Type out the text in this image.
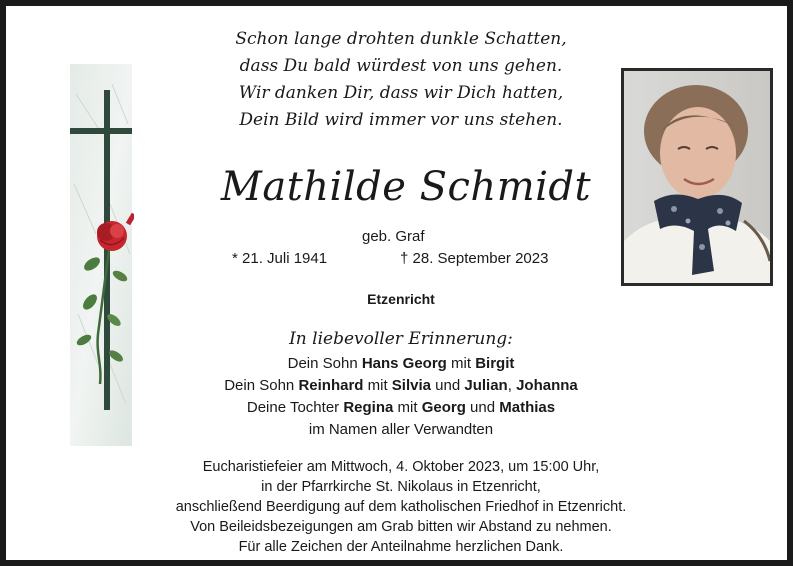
Schon lange drohten dunkle Schatten,
dass Du bald würdest von uns gehen.
Wir danken Dir, dass wir Dich hatten,
Dein Bild wird immer vor uns stehen.
Mathilde Schmidt
geb. Graf
* 21. Juli 1941	† 28. September 2023
Etzenricht
In liebevoller Erinnerung:
Dein Sohn Hans Georg mit Birgit
Dein Sohn Reinhard mit Silvia und Julian, Johanna
Deine Tochter Regina mit Georg und Mathias
im Namen aller Verwandten
Eucharistiefeier am Mittwoch, 4. Oktober 2023, um 15:00 Uhr,
in der Pfarrkirche St. Nikolaus in Etzenricht,
anschließend Beerdigung auf dem katholischen Friedhof in Etzenricht.
Von Beileidsbezeigungen am Grab bitten wir Abstand zu nehmen.
Für alle Zeichen der Anteilnahme herzlichen Dank.
